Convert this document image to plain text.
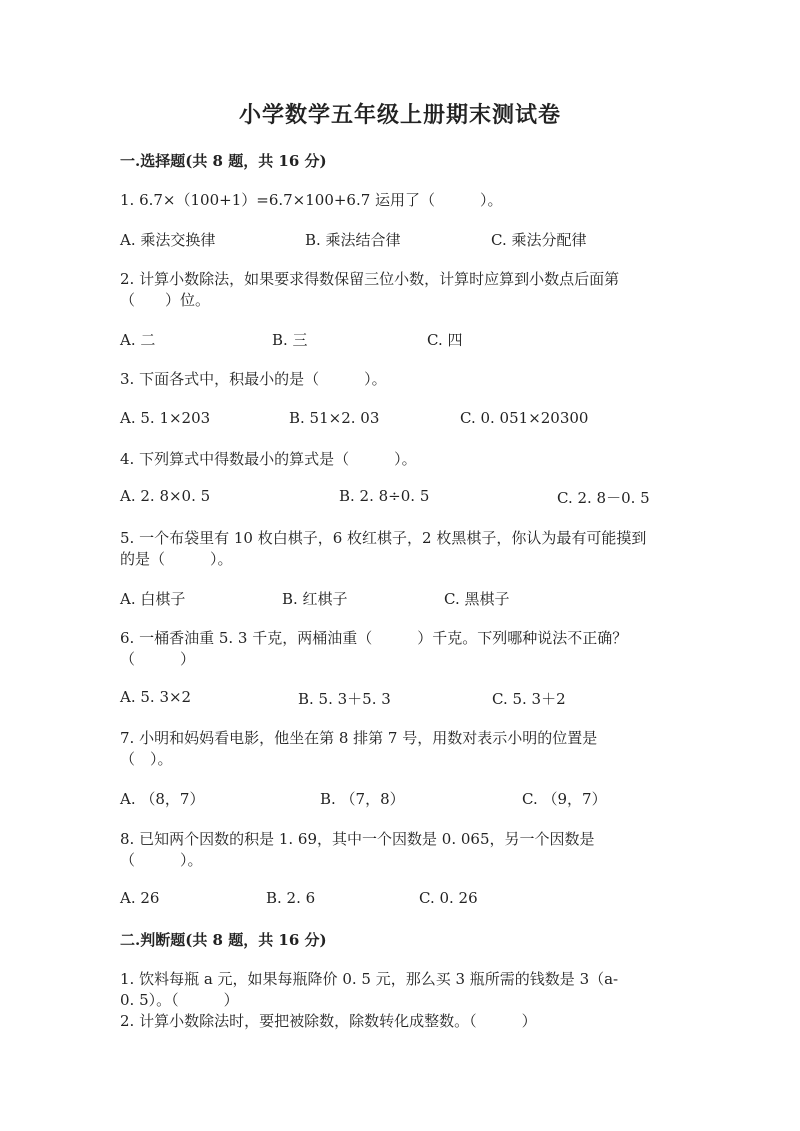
小学数学五年级上册期末测试卷
一.选择题(共 8 题，共 16 分)
1. 6.7×（100+1）=6.7×100+6.7 运用了（　　　）。
A. 乘法交换律	B. 乘法结合律	C. 乘法分配律
2. 计算小数除法，如果要求得数保留三位小数，计算时应算到小数点后面第
（　　）位。
A. 二	B. 三	C. 四
3. 下面各式中，积最小的是（　　　）。
A. 5. 1×203	B. 51×2. 03	C. 0. 051×20300
4. 下列算式中得数最小的算式是（　　　）。
A. 2. 8×0. 5	B. 2. 8÷0. 5	C. 2. 8－0. 5
5. 一个布袋里有 10 枚白棋子，6 枚红棋子，2 枚黑棋子，你认为最有可能摸到
的是（　　　）。
A. 白棋子	B. 红棋子	C. 黑棋子
6. 一桶香油重 5. 3 千克，两桶油重（　　　）千克。下列哪种说法不正确？
（　　　）
A. 5. 3×2	B. 5. 3＋5. 3	C. 5. 3＋2
7. 小明和妈妈看电影，他坐在第 8 排第 7 号，用数对表示小明的位置是
（　）。
A. （8，7）	B. （7，8）	C. （9，7）
8. 已知两个因数的积是 1. 69，其中一个因数是 0. 065，另一个因数是
（　　　）。
A. 26	B. 2. 6	C. 0. 26
二.判断题(共 8 题，共 16 分)
1. 饮料每瓶 a 元，如果每瓶降价 0. 5 元，那么买 3 瓶所需的钱数是 3（a-
0. 5）。（　　　）
2. 计算小数除法时，要把被除数，除数转化成整数。（　　　）
